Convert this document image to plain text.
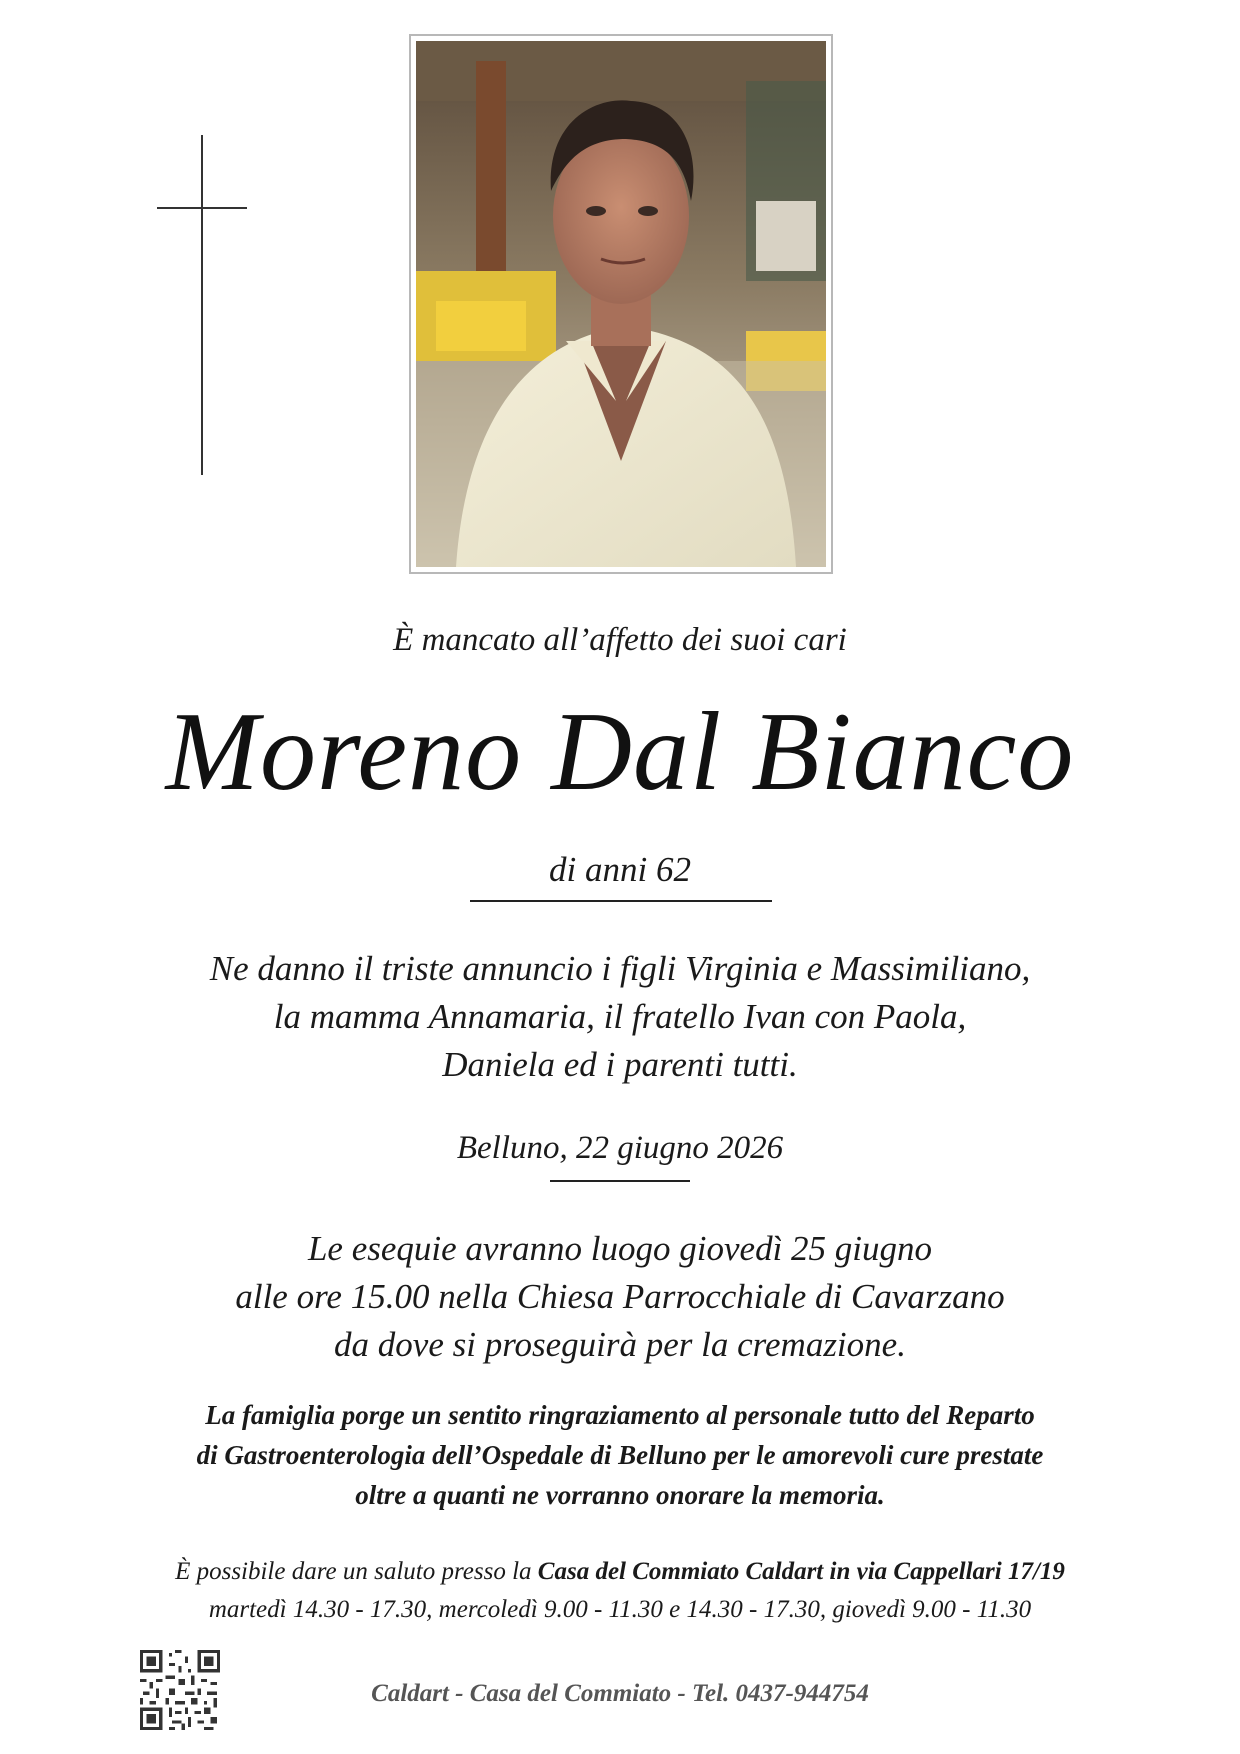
È mancato all’affetto dei suoi cari
Moreno Dal Bianco
di anni 62
Ne danno il triste annuncio i figli Virginia e Massimiliano,
la mamma Annamaria, il fratello Ivan con Paola,
Daniela ed i parenti tutti.
Belluno, 22 giugno 2026
Le esequie avranno luogo giovedì 25 giugno
alle ore 15.00 nella Chiesa Parrocchiale di Cavarzano
da dove si proseguirà per la cremazione.
La famiglia porge un sentito ringraziamento al personale tutto del Reparto
di Gastroenterologia dell’Ospedale di Belluno per le amorevoli cure prestate
oltre a quanti ne vorranno onorare la memoria.
È possibile dare un saluto presso la Casa del Commiato Caldart in via Cappellari 17/19
martedì 14.30 - 17.30, mercoledì 9.00 - 11.30 e 14.30 - 17.30, giovedì 9.00 - 11.30
Caldart - Casa del Commiato - Tel. 0437-944754
